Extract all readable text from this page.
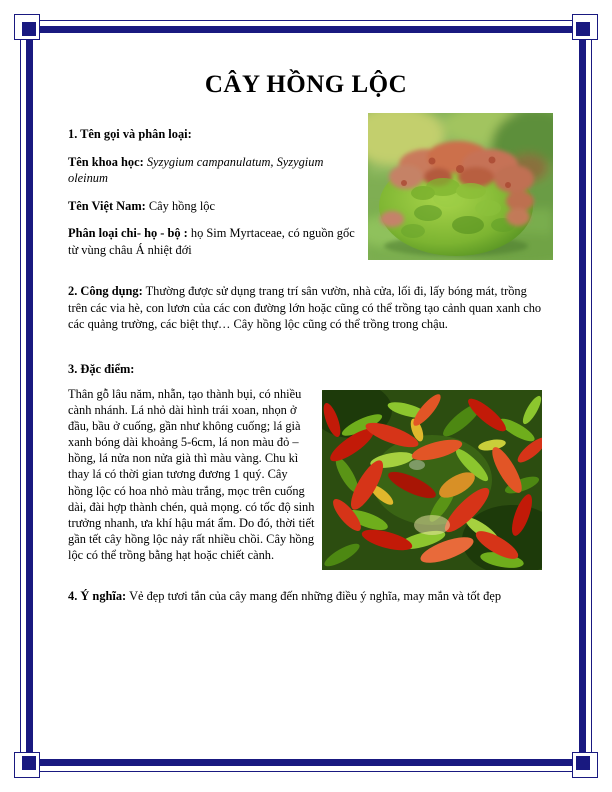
CÂY HỒNG LỘC

1. Tên gọi và phân loại:

Tên khoa học: Syzygium campanulatum, Syzygium oleinum

Tên Việt Nam: Cây hồng lộc

Phân loại chi- họ - bộ : họ Sim Myrtaceae, có nguồn gốc từ vùng châu Á nhiệt đới

2. Công dụng: Thường được sử dụng trang trí sân vườn, nhà cửa, lối đi, lấy bóng mát, trồng trên các via hè, con lươn của các con đường lớn hoặc cũng có thể trồng tạo cảnh quan xanh cho các quảng trường, các biệt thự… Cây hồng lộc cũng có thể trồng trong chậu.
3. Đặc điểm:
Thân gỗ lâu năm, nhẵn, tạo thành bụi, có nhiều cành nhánh. Lá nhỏ dài hình trái xoan, nhọn ở đầu, bầu ở cuống, gần như không cuống; lá già xanh bóng dài khoảng 5-6cm, lá non màu đỏ – hồng, lá nửa non nửa già thì màu vàng. Chu kì thay lá có thời gian tương đương 1 quý. Cây hồng lộc có hoa nhỏ màu trắng, mọc trên cuống dài, đài hợp thành chén, quả mọng. có tốc độ sinh trưởng nhanh, ưa khí hậu mát ẩm. Do đó, thời tiết gần tết cây hồng lộc nảy rất nhiều chồi. Cây hồng lộc có thể trồng bằng hạt hoặc chiết cành.
4. Ý nghĩa: Vẻ đẹp tươi tắn của cây mang đến những điều ý nghĩa, may mắn và tốt đẹp
